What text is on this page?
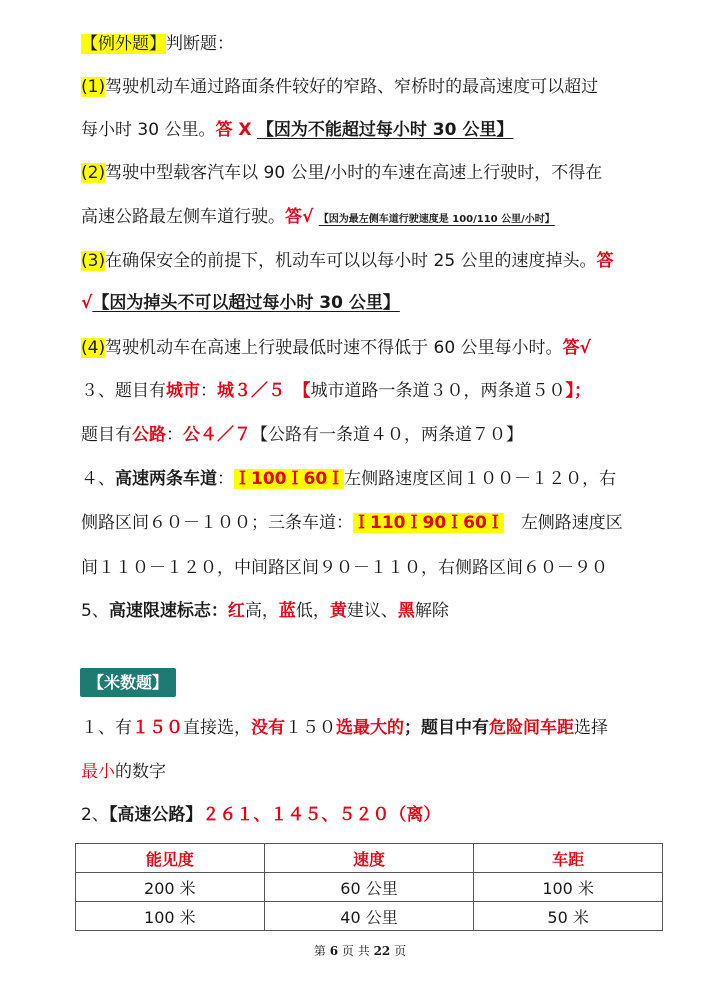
【例外题】判断题：
(1)驾驶机动车通过路面条件较好的窄路、窄桥时的最高速度可以超过
每小时 30 公里。答 X 【因为不能超过每小时 30 公里】
(2)驾驶中型载客汽车以 90 公里/小时的车速在高速上行驶时，不得在
高速公路最左侧车道行驶。答√ 【因为最左侧车道行驶速度是 100/110 公里/小时】
(3)在确保安全的前提下，机动车可以以每小时 25 公里的速度掉头。答
√【因为掉头不可以超过每小时 30 公里】
(4)驾驶机动车在高速上行驶最低时速不得低于 60 公里每小时。答√
３、题目有城市：城３／５　 【城市道路一条道３０，两条道５０】；
题目有公路：公４／７【公路有一条道４０，两条道７０】
４、高速两条车道：Ｉ100Ｉ60Ｉ左侧路速度区间１００－１２０，右
侧路区间６０－１００；三条车道：Ｉ110Ｉ90Ｉ60Ｉ　 左侧路速度区
间１１０－１２０，中间路区间９０－１１０，右侧路区间６０－９０
5、高速限速标志：红高，蓝低，黄建议、黑解除
【米数题】
１、有１５０直接选，没有１５０选最大的；题目中有危险间车距选择
最小的数字
2、【高速公路】２６１、１４５、５２０（离）
能见度	速度	车距
200 米	60 公里	100 米
100 米	40 公里	50 米
第 6 页 共 22 页
